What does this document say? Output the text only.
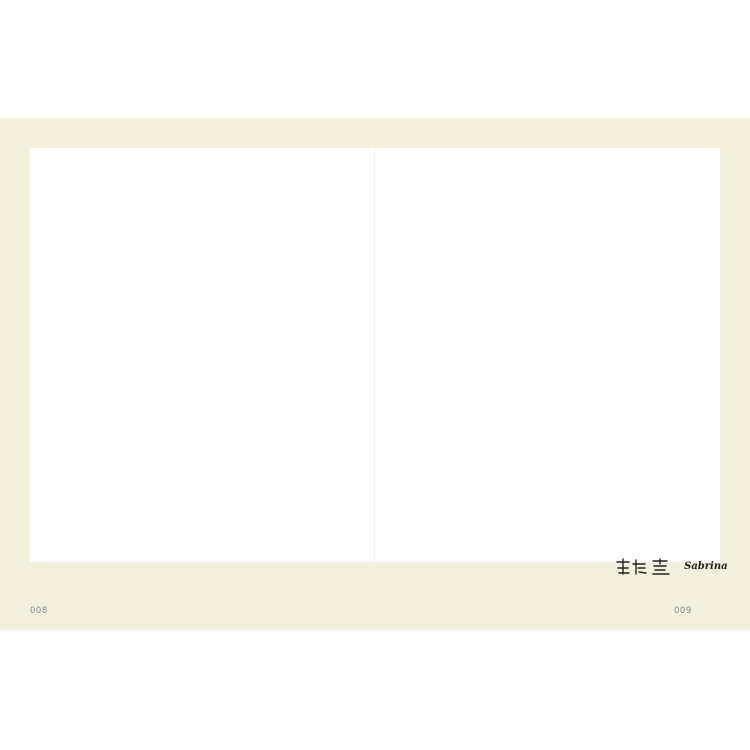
Sabrina
008	009
